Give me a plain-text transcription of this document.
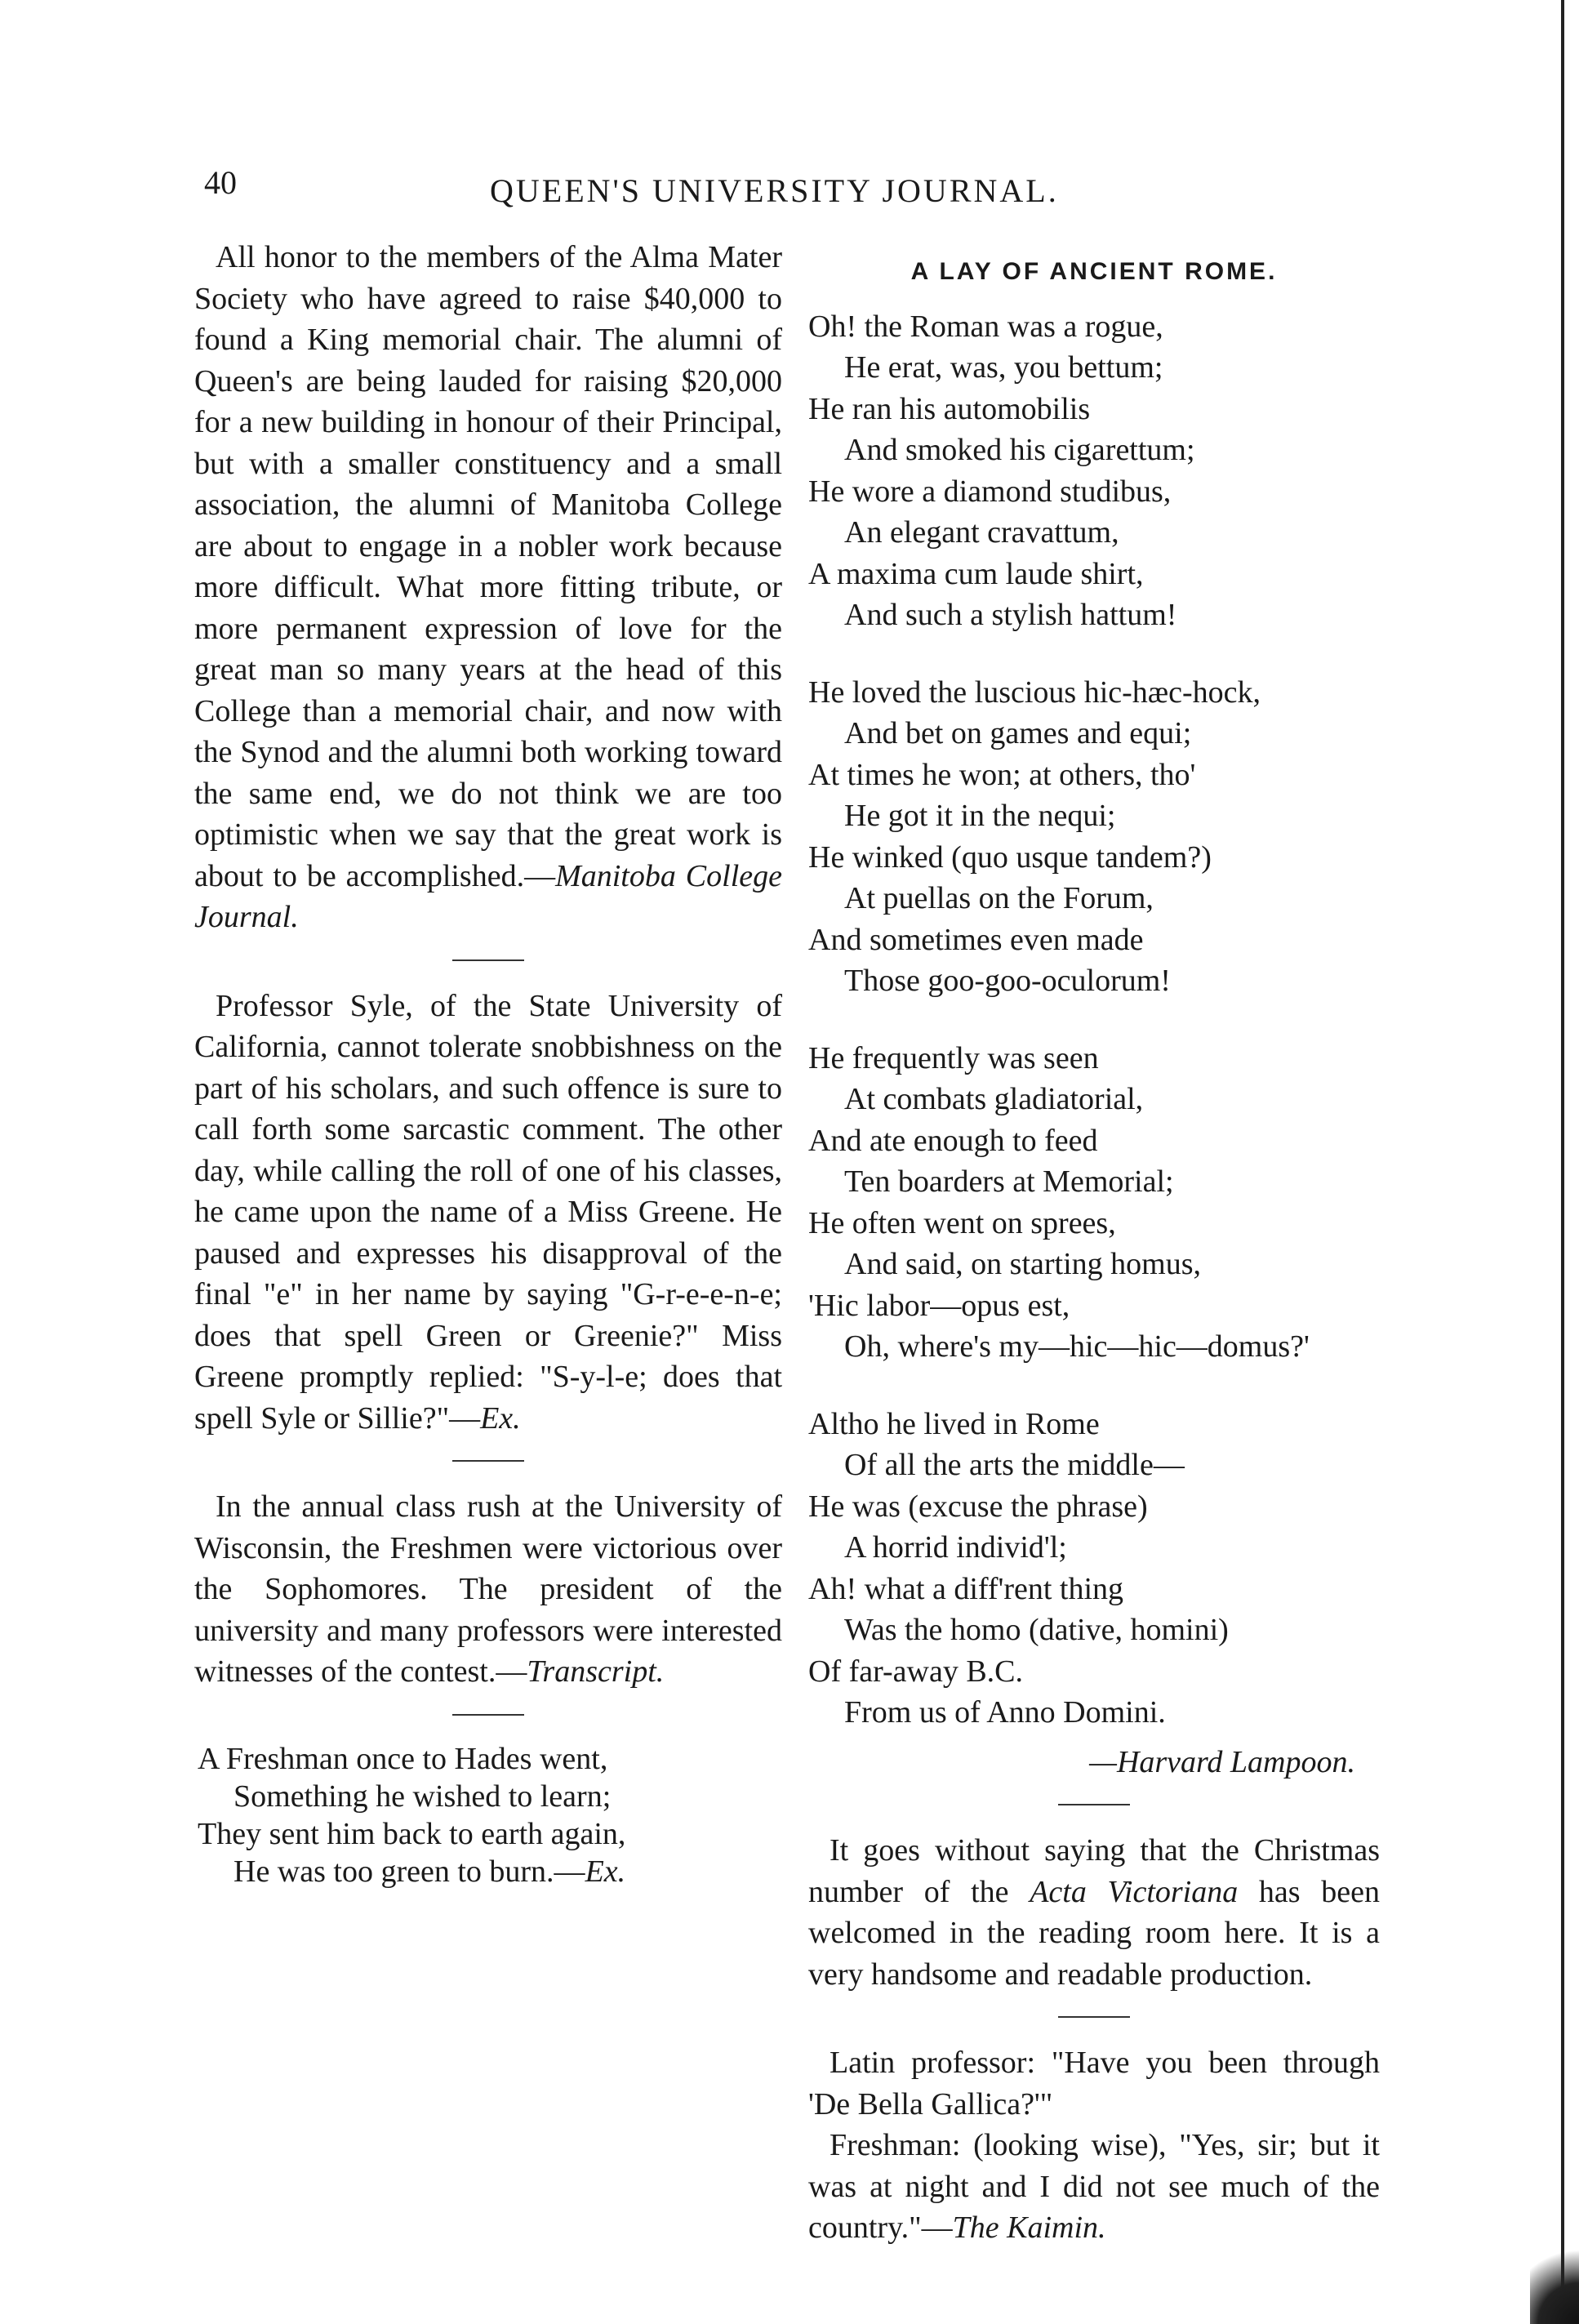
40	QUEEN'S UNIVERSITY JOURNAL.

All honor to the members of the Alma Mater Society who have agreed to raise $40,000 to found a King memorial chair. The alumni of Queen's are being lauded for raising $20,000 for a new building in honour of their Principal, but with a smaller constituency and a small association, the alumni of Manitoba College are about to engage in a nobler work because more difficult. What more fitting tribute, or more permanent expression of love for the great man so many years at the head of this College than a memorial chair, and now with the Synod and the alumni both working toward the same end, we do not think we are too optimistic when we say that the great work is about to be accomplished.—Manitoba College Journal.

Professor Syle, of the State University of California, cannot tolerate snobbishness on the part of his scholars, and such offence is sure to call forth some sarcastic comment. The other day, while calling the roll of one of his classes, he came upon the name of a Miss Greene. He paused and expresses his disapproval of the final "e" in her name by saying "G-r-e-e-n-e; does that spell Green or Greenie?" Miss Greene promptly replied: "S-y-l-e; does that spell Syle or Sillie?"—Ex.

In the annual class rush at the University of Wisconsin, the Freshmen were victorious over the Sophomores. The president of the university and many professors were interested witnesses of the contest.—Transcript.

A Freshman once to Hades went,
Something he wished to learn;
They sent him back to earth again,
He was too green to burn.—Ex.
A LAY OF ANCIENT ROME.
Oh! the Roman was a rogue,
He erat, was, you bettum;
He ran his automobilis
And smoked his cigarettum;
He wore a diamond studibus,
An elegant cravattum,
A maxima cum laude shirt,
And such a stylish hattum!
He loved the luscious hic-hæc-hock,
And bet on games and equi;
At times he won; at others, tho'
He got it in the nequi;
He winked (quo usque tandem?)
At puellas on the Forum,
And sometimes even made
Those goo-goo-oculorum!
He frequently was seen
At combats gladiatorial,
And ate enough to feed
Ten boarders at Memorial;
He often went on sprees,
And said, on starting homus,
'Hic labor—opus est,
Oh, where's my—hic—hic—domus?'
Altho he lived in Rome
Of all the arts the middle—
He was (excuse the phrase)
A horrid individ'l;
Ah! what a diff'rent thing
Was the homo (dative, homini)
Of far-away B.C.
From us of Anno Domini.
—Harvard Lampoon.

It goes without saying that the Christmas number of the Acta Victoriana has been welcomed in the reading room here. It is a very handsome and readable production.

Latin professor: "Have you been through 'De Bella Gallica?'"

Freshman: (looking wise), "Yes, sir; but it was at night and I did not see much of the country."—The Kaimin.
